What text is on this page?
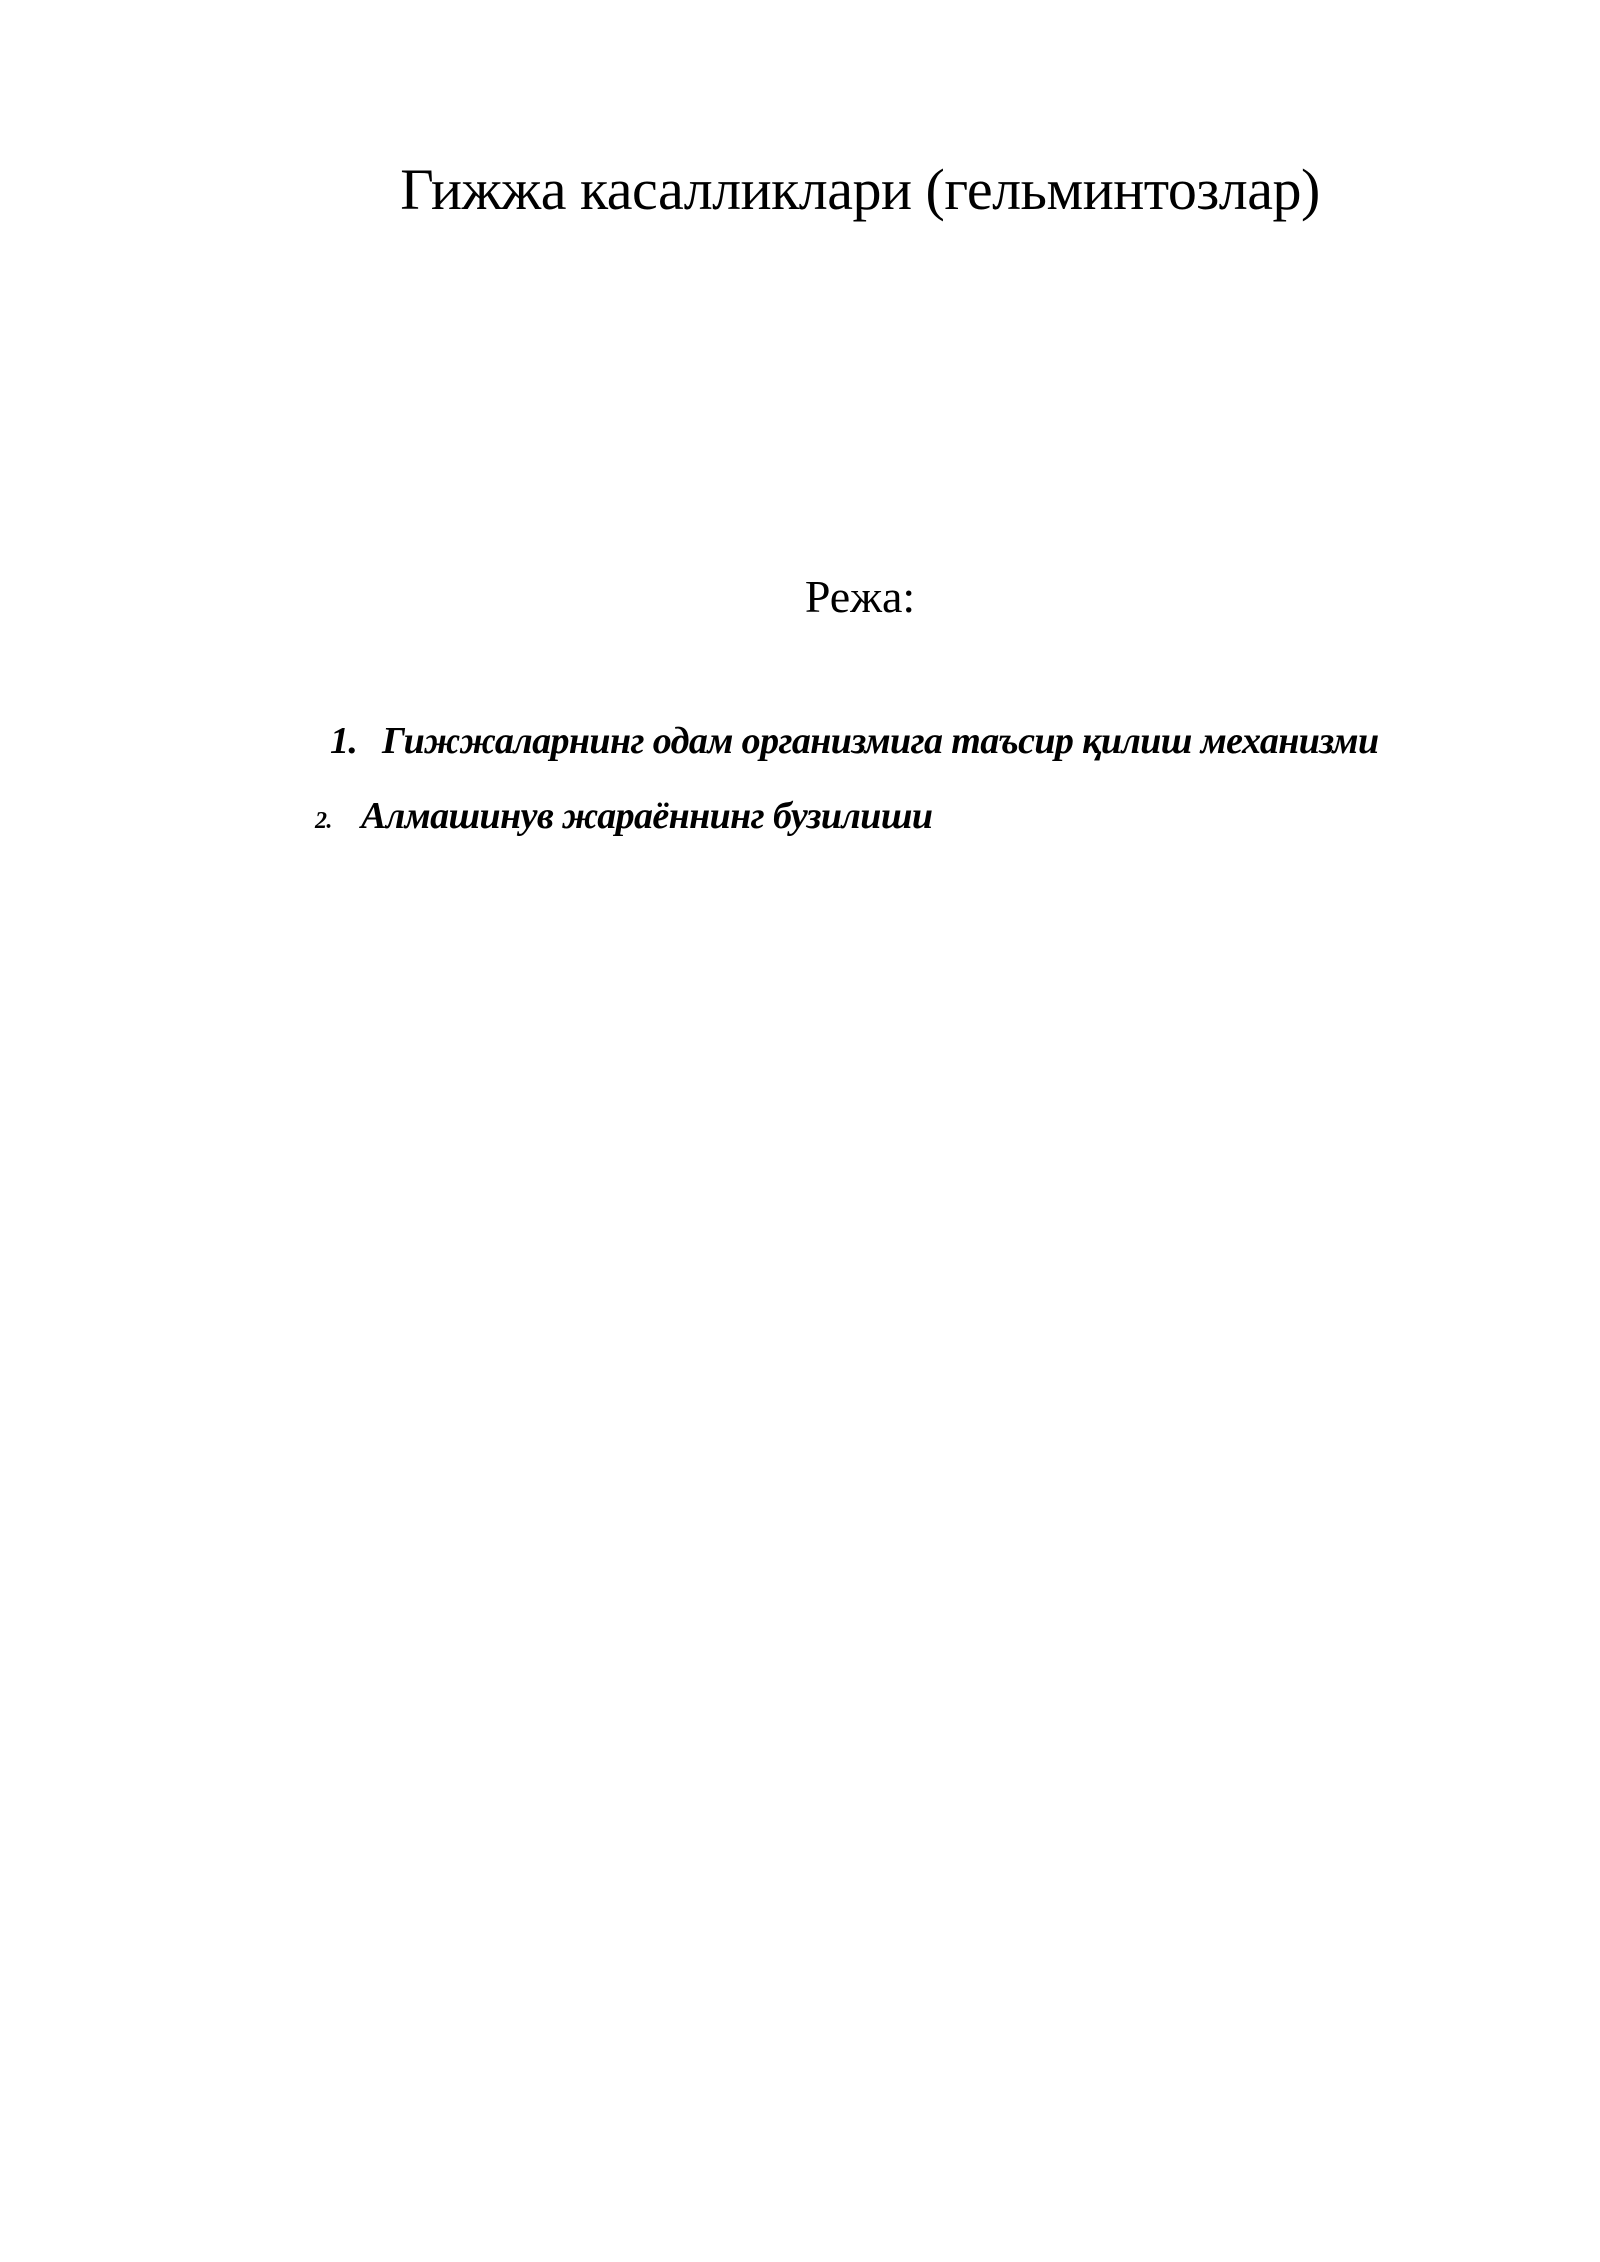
Гижжа касалликлари (гельминтозлар)

Режа:

1. Гижжаларнинг одам организмига таъсир қилиш механизми

2. Алмашинув жараённинг бузилиши
